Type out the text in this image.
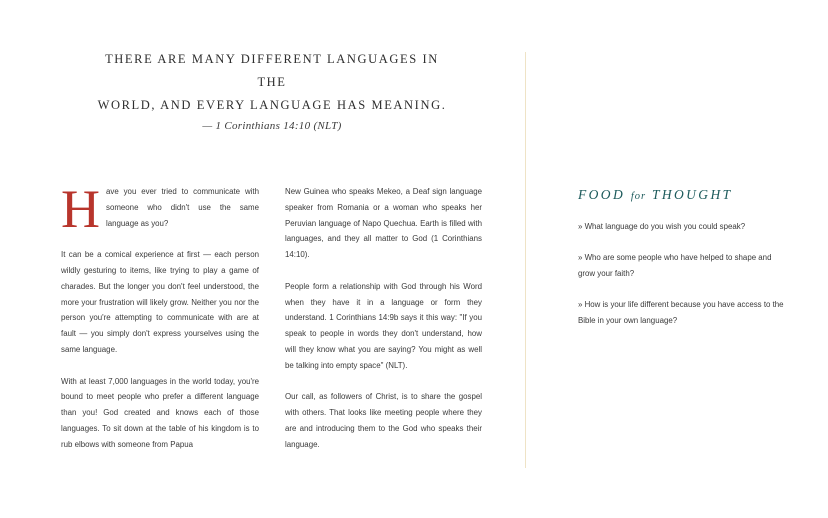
THERE ARE MANY DIFFERENT LANGUAGES IN THE
WORLD, AND EVERY LANGUAGE HAS MEANING.

— 1 Corinthians 14:10 (NLT)

Have you ever tried to communicate with someone who didn't use the same language as you?

It can be a comical experience at first — each person wildly gesturing to items, like trying to play a game of charades. But the longer you don't feel understood, the more your frustration will likely grow. Neither you nor the person you're attempting to communicate with are at fault — you simply don't express yourselves using the same language.

With at least 7,000 languages in the world today, you're bound to meet people who prefer a different language than you! God created and knows each of those languages. To sit down at the table of his kingdom is to rub elbows with someone from Papua

New Guinea who speaks Mekeo, a Deaf sign language speaker from Romania or a woman who speaks her Peruvian language of Napo Quechua. Earth is filled with languages, and they all matter to God (1 Corinthians 14:10).

People form a relationship with God through his Word when they have it in a language or form they understand. 1 Corinthians 14:9b says it this way: "If you speak to people in words they don't understand, how will they know what you are saying? You might as well be talking into empty space" (NLT).

Our call, as followers of Christ, is to share the gospel with others. That looks like meeting people where they are and introducing them to the God who speaks their language.

FOOD for THOUGHT

» What language do you wish you could speak?

» Who are some people who have helped to shape and grow your faith?

» How is your life different because you have access to the Bible in your own language?
